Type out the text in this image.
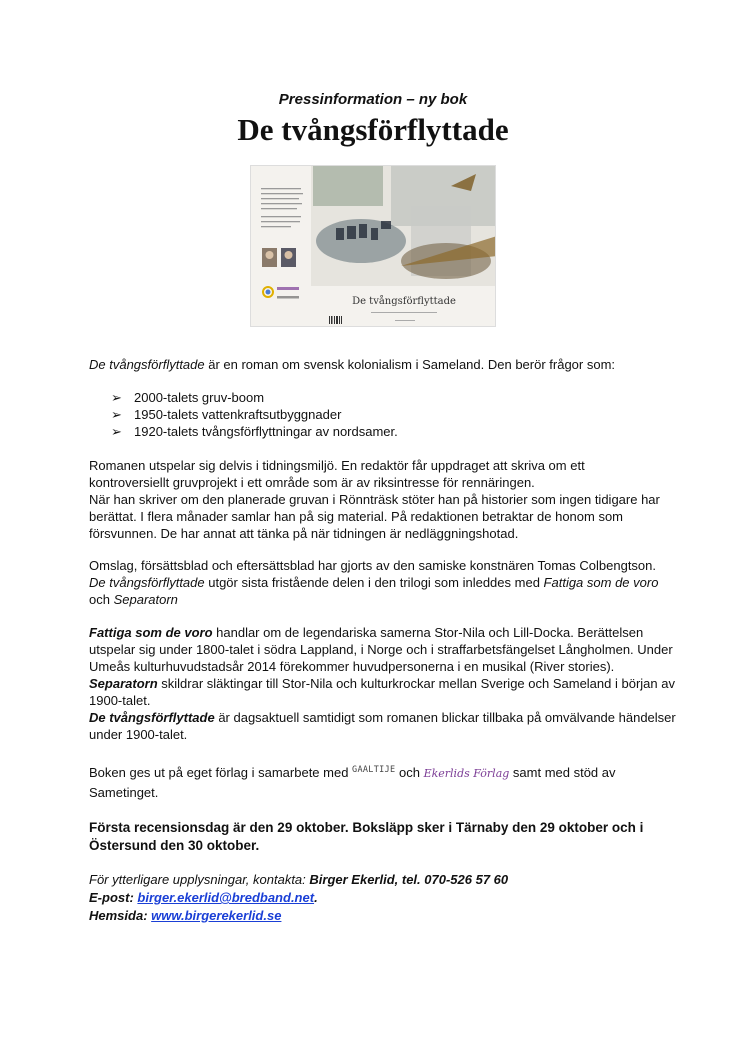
Pressinformation – ny bok
De tvångsförflyttade
De tvångsförflyttade

De tvångsförflyttade är en roman om svensk kolonialism i Sameland. Den berör frågor som:

➢ 2000-talets gruv-boom
➢ 1950-talets vattenkraftsutbyggnader
➢ 1920-talets tvångsförflyttningar av nordsamer.

Romanen utspelar sig delvis i tidningsmiljö. En redaktör får uppdraget att skriva om ett

kontroversiellt gruvprojekt i ett område som är av riksintresse för rennäringen.

När han skriver om den planerade gruvan i Rönnträsk stöter han på historier som ingen tidigare har

berättat. I flera månader samlar han på sig material. På redaktionen betraktar de honom som

försvunnen. De har annat att tänka på när tidningen är nedläggningshotad.

Omslag, försättsblad och eftersättsblad har gjorts av den samiske konstnären Tomas Colbengtson.

De tvångsförflyttade utgör sista fristående delen i den trilogi som inleddes med Fattiga som de voro

och Separatorn

Fattiga som de voro handlar om de legendariska samerna Stor-Nila och Lill-Docka. Berättelsen

utspelar sig under 1800-talet i södra Lappland, i Norge och i straffarbetsfängelset Långholmen. Under

Umeås kulturhuvudstadsår 2014 förekommer huvudpersonerna i en musikal (River stories).

Separatorn skildrar släktingar till Stor-Nila och kulturkrockar mellan Sverige och Sameland i början av

1900-talet.

De tvångsförflyttade är dagsaktuell samtidigt som romanen blickar tillbaka på omvälvande händelser

under 1900-talet.

Boken ges ut på eget förlag i samarbete med $^{GAALTIJE}$ och Ekerlids Förlag samt med stöd av

Sametinget.

Första recensionsdag är den 29 oktober. Boksläpp sker i Tärnaby den 29 oktober och i

Östersund den 30 oktober.

För ytterligare upplysningar, kontakta: Birger Ekerlid, tel. 070-526 57 60
E-post: birger.ekerlid@bredband.net.
Hemsida: www.birgerekerlid.se
